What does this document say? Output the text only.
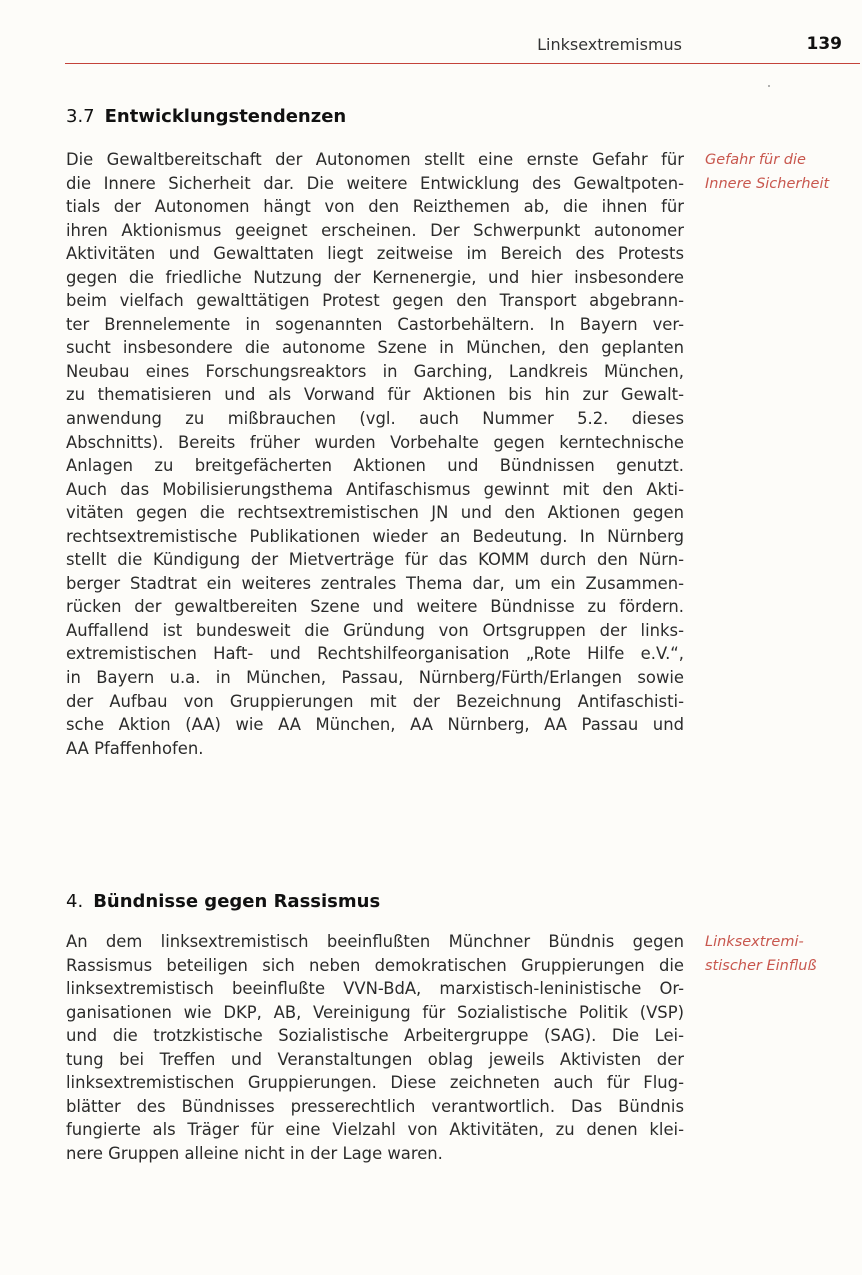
Linksextremismus	139
3.7 Entwicklungstendenzen
Die Gewaltbereitschaft der Autonomen stellt eine ernste Gefahr für
die Innere Sicherheit dar. Die weitere Entwicklung des Gewaltpoten-
tials der Autonomen hängt von den Reizthemen ab, die ihnen für
ihren Aktionismus geeignet erscheinen. Der Schwerpunkt autonomer
Aktivitäten und Gewalttaten liegt zeitweise im Bereich des Protests
gegen die friedliche Nutzung der Kernenergie, und hier insbesondere
beim vielfach gewalttätigen Protest gegen den Transport abgebrann-
ter Brennelemente in sogenannten Castorbehältern. In Bayern ver-
sucht insbesondere die autonome Szene in München, den geplanten
Neubau eines Forschungsreaktors in Garching, Landkreis München,
zu thematisieren und als Vorwand für Aktionen bis hin zur Gewalt-
anwendung zu mißbrauchen (vgl. auch Nummer 5.2. dieses
Abschnitts). Bereits früher wurden Vorbehalte gegen kerntechnische
Anlagen zu breitgefächerten Aktionen und Bündnissen genutzt.
Auch das Mobilisierungsthema Antifaschismus gewinnt mit den Akti-
vitäten gegen die rechtsextremistischen JN und den Aktionen gegen
rechtsextremistische Publikationen wieder an Bedeutung. In Nürnberg
stellt die Kündigung der Mietverträge für das KOMM durch den Nürn-
berger Stadtrat ein weiteres zentrales Thema dar, um ein Zusammen-
rücken der gewaltbereiten Szene und weitere Bündnisse zu fördern.
Auffallend ist bundesweit die Gründung von Ortsgruppen der links-
extremistischen Haft- und Rechtshilfeorganisation „Rote Hilfe e.V.“,
in Bayern u.a. in München, Passau, Nürnberg/Fürth/Erlangen sowie
der Aufbau von Gruppierungen mit der Bezeichnung Antifaschisti-
sche Aktion (AA) wie AA München, AA Nürnberg, AA Passau und
AA Pfaffenhofen.
Gefahr für die
Innere Sicherheit
4. Bündnisse gegen Rassismus
An dem linksextremistisch beeinflußten Münchner Bündnis gegen
Rassismus beteiligen sich neben demokratischen Gruppierungen die
linksextremistisch beeinflußte VVN-BdA, marxistisch-leninistische Or-
ganisationen wie DKP, AB, Vereinigung für Sozialistische Politik (VSP)
und die trotzkistische Sozialistische Arbeitergruppe (SAG). Die Lei-
tung bei Treffen und Veranstaltungen oblag jeweils Aktivisten der
linksextremistischen Gruppierungen. Diese zeichneten auch für Flug-
blätter des Bündnisses presserechtlich verantwortlich. Das Bündnis
fungierte als Träger für eine Vielzahl von Aktivitäten, zu denen klei-
nere Gruppen alleine nicht in der Lage waren.
Linksextremi-
stischer Einfluß
